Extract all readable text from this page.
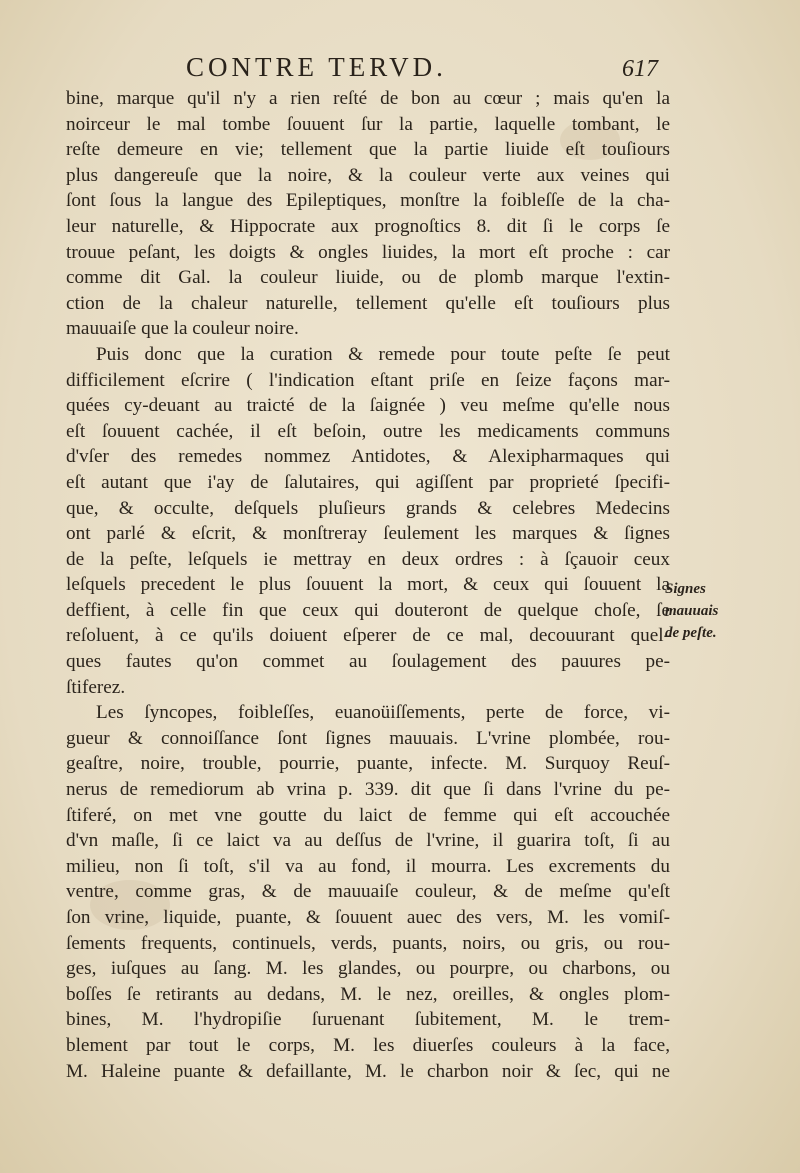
CONTRE TERVD.	617
bine, marque qu'il n'y a rien reſté de bon au cœur ; mais qu'en la
noirceur le mal tombe ſouuent ſur la partie, laquelle tombant, le
reſte demeure en vie; tellement que la partie liuide eſt touſiours
plus dangereuſe que la noire, & la couleur verte aux veines qui
ſont ſous la langue des Epileptiques, monſtre la foibleſſe de la cha-
leur naturelle, & Hippocrate aux prognoſtics 8. dit ſi le corps ſe
trouue peſant, les doigts & ongles liuides, la mort eſt proche : car
comme dit Gal. la couleur liuide, ou de plomb marque l'extin-
ction de la chaleur naturelle, tellement qu'elle eſt touſiours plus
mauuaiſe que la couleur noire.
Puis donc que la curation & remede pour toute peſte ſe peut
difficilement eſcrire ( l'indication eſtant priſe en ſeize façons mar-
quées cy-deuant au traicté de la ſaignée ) veu meſme qu'elle nous
eſt ſouuent cachée, il eſt beſoin, outre les medicaments communs
d'vſer des remedes nommez Antidotes, & Alexipharmaques qui
eſt autant que i'ay de ſalutaires, qui agiſſent par proprieté ſpecifi-
que, & occulte, deſquels pluſieurs grands & celebres Medecins
ont parlé & eſcrit, & monſtreray ſeulement les marques & ſignes
de la peſte, leſquels ie mettray en deux ordres : à ſçauoir ceux
leſquels precedent le plus ſouuent la mort, & ceux qui ſouuent la
deffient, à celle fin que ceux qui douteront de quelque choſe, ſe
reſoluent, à ce qu'ils doiuent eſperer de ce mal, decouurant quel-
ques fautes qu'on commet au ſoulagement des pauures pe-
ſtiferez.
Les ſyncopes, foibleſſes, euanoüiſſements, perte de force, vi-
gueur & connoiſſance ſont ſignes mauuais. L'vrine plombée, rou-
geaſtre, noire, trouble, pourrie, puante, infecte. M. Surquoy Reuſ-
nerus de remediorum ab vrina p. 339. dit que ſi dans l'vrine du pe-
ſtiferé, on met vne goutte du laict de femme qui eſt accouchée
d'vn maſle, ſi ce laict va au deſſus de l'vrine, il guarira toſt, ſi au
milieu, non ſi toſt, s'il va au fond, il mourra. Les excrements du
ventre, comme gras, & de mauuaiſe couleur, & de meſme qu'eſt
ſon vrine, liquide, puante, & ſouuent auec des vers, M. les vomiſ-
ſements frequents, continuels, verds, puants, noirs, ou gris, ou rou-
ges, iuſques au ſang. M. les glandes, ou pourpre, ou charbons, ou
boſſes ſe retirants au dedans, M. le nez, oreilles, & ongles plom-
bines, M. l'hydropiſie ſuruenant ſubitement, M. le trem-
blement par tout le corps, M. les diuerſes couleurs à la face,
M. Haleine puante & defaillante, M. le charbon noir & ſec, qui ne
Signes
mauuais
de peſte.
